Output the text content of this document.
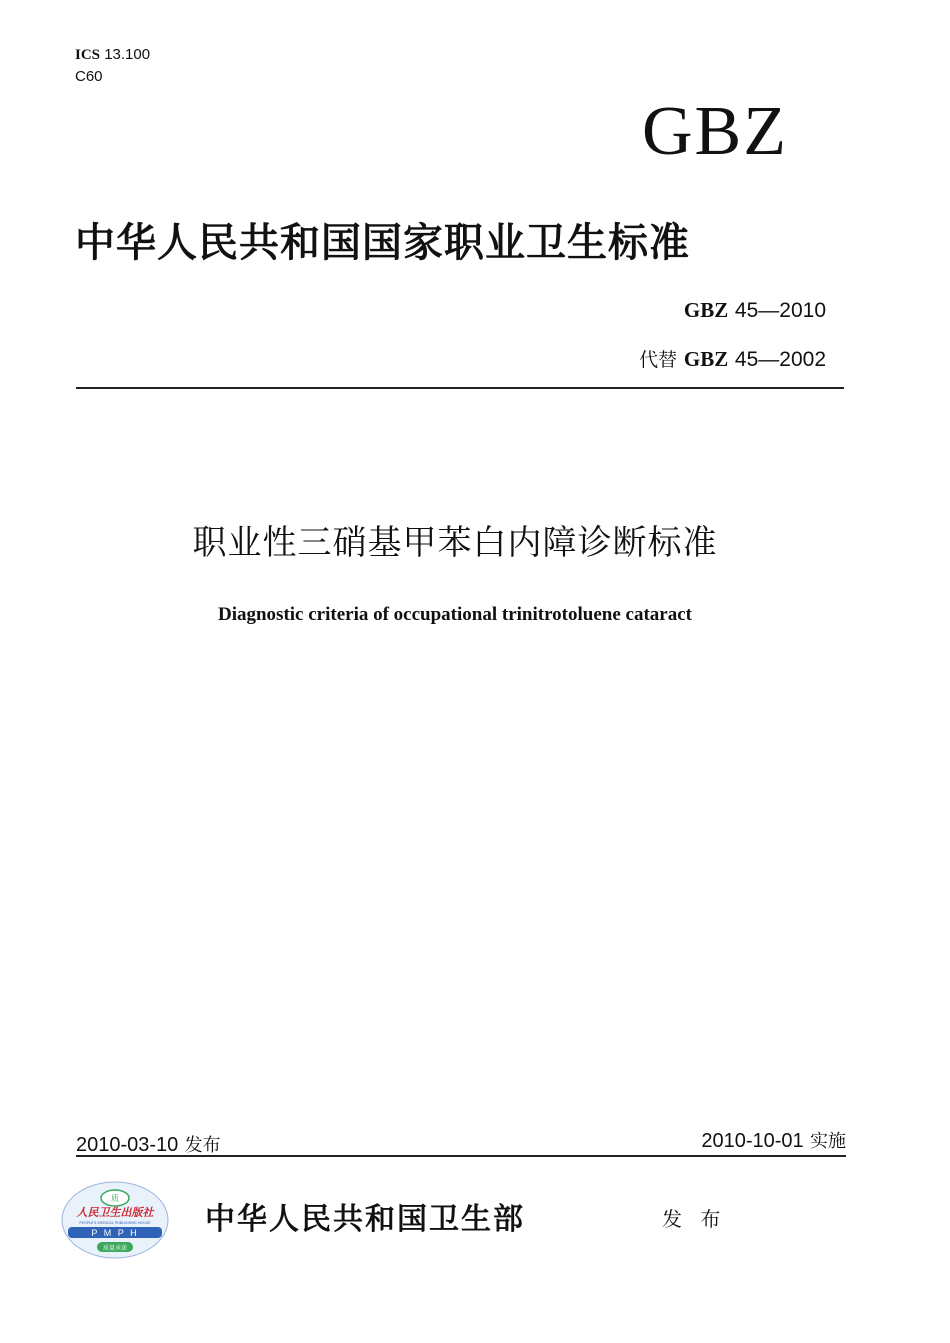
ICS 13.100
C60
GBZ
中华人民共和国国家职业卫生标准
GBZ 45—2010
代替 GBZ 45—2002
职业性三硝基甲苯白内障诊断标准
Diagnostic criteria of occupational trinitrotoluene cataract
2010-03-10 发布	2010-10-01 实施
质
人民卫生出版社
PEOPLE'S MEDICAL PUBLISHING HOUSE
P M P H
质量承诺
中华人民共和国卫生部	发 布
